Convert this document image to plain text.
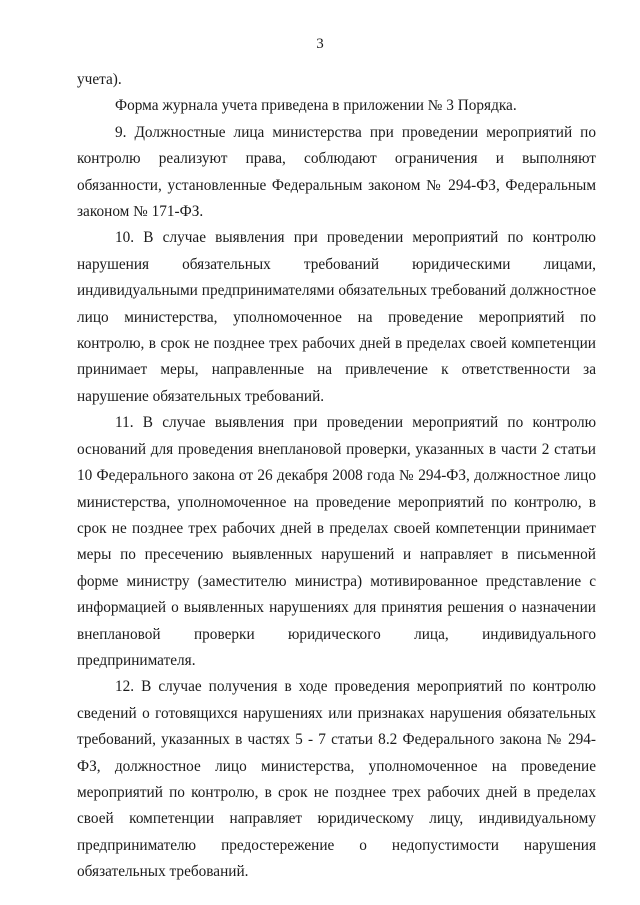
3

учета).

Форма журнала учета приведена в приложении № 3 Порядка.

9. Должностные лица министерства при проведении мероприятий по контролю реализуют права, соблюдают ограничения и выполняют обязанности, установленные Федеральным законом № 294-ФЗ, Федеральным законом № 171-ФЗ.

10. В случае выявления при проведении мероприятий по контролю нарушения обязательных требований юридическими лицами, индивидуальными предпринимателями обязательных требований должностное лицо министерства, уполномоченное на проведение мероприятий по контролю, в срок не позднее трех рабочих дней в пределах своей компетенции принимает меры, направленные на привлечение к ответственности за нарушение обязательных требований.

11. В случае выявления при проведении мероприятий по контролю оснований для проведения внеплановой проверки, указанных в части 2 статьи 10 Федерального закона от 26 декабря 2008 года № 294-ФЗ, должностное лицо министерства, уполномоченное на проведение мероприятий по контролю, в срок не позднее трех рабочих дней в пределах своей компетенции принимает меры по пресечению выявленных нарушений и направляет в письменной форме министру (заместителю министра) мотивированное представление с информацией о выявленных нарушениях для принятия решения о назначении внеплановой проверки юридического лица, индивидуального предпринимателя.

12. В случае получения в ходе проведения мероприятий по контролю сведений о готовящихся нарушениях или признаках нарушения обязательных требований, указанных в частях 5 - 7 статьи 8.2 Федерального закона № 294-ФЗ, должностное лицо министерства, уполномоченное на проведение мероприятий по контролю, в срок не позднее трех рабочих дней в пределах своей компетенции направляет юридическому лицу, индивидуальному предпринимателю предостережение о недопустимости нарушения обязательных требований.
